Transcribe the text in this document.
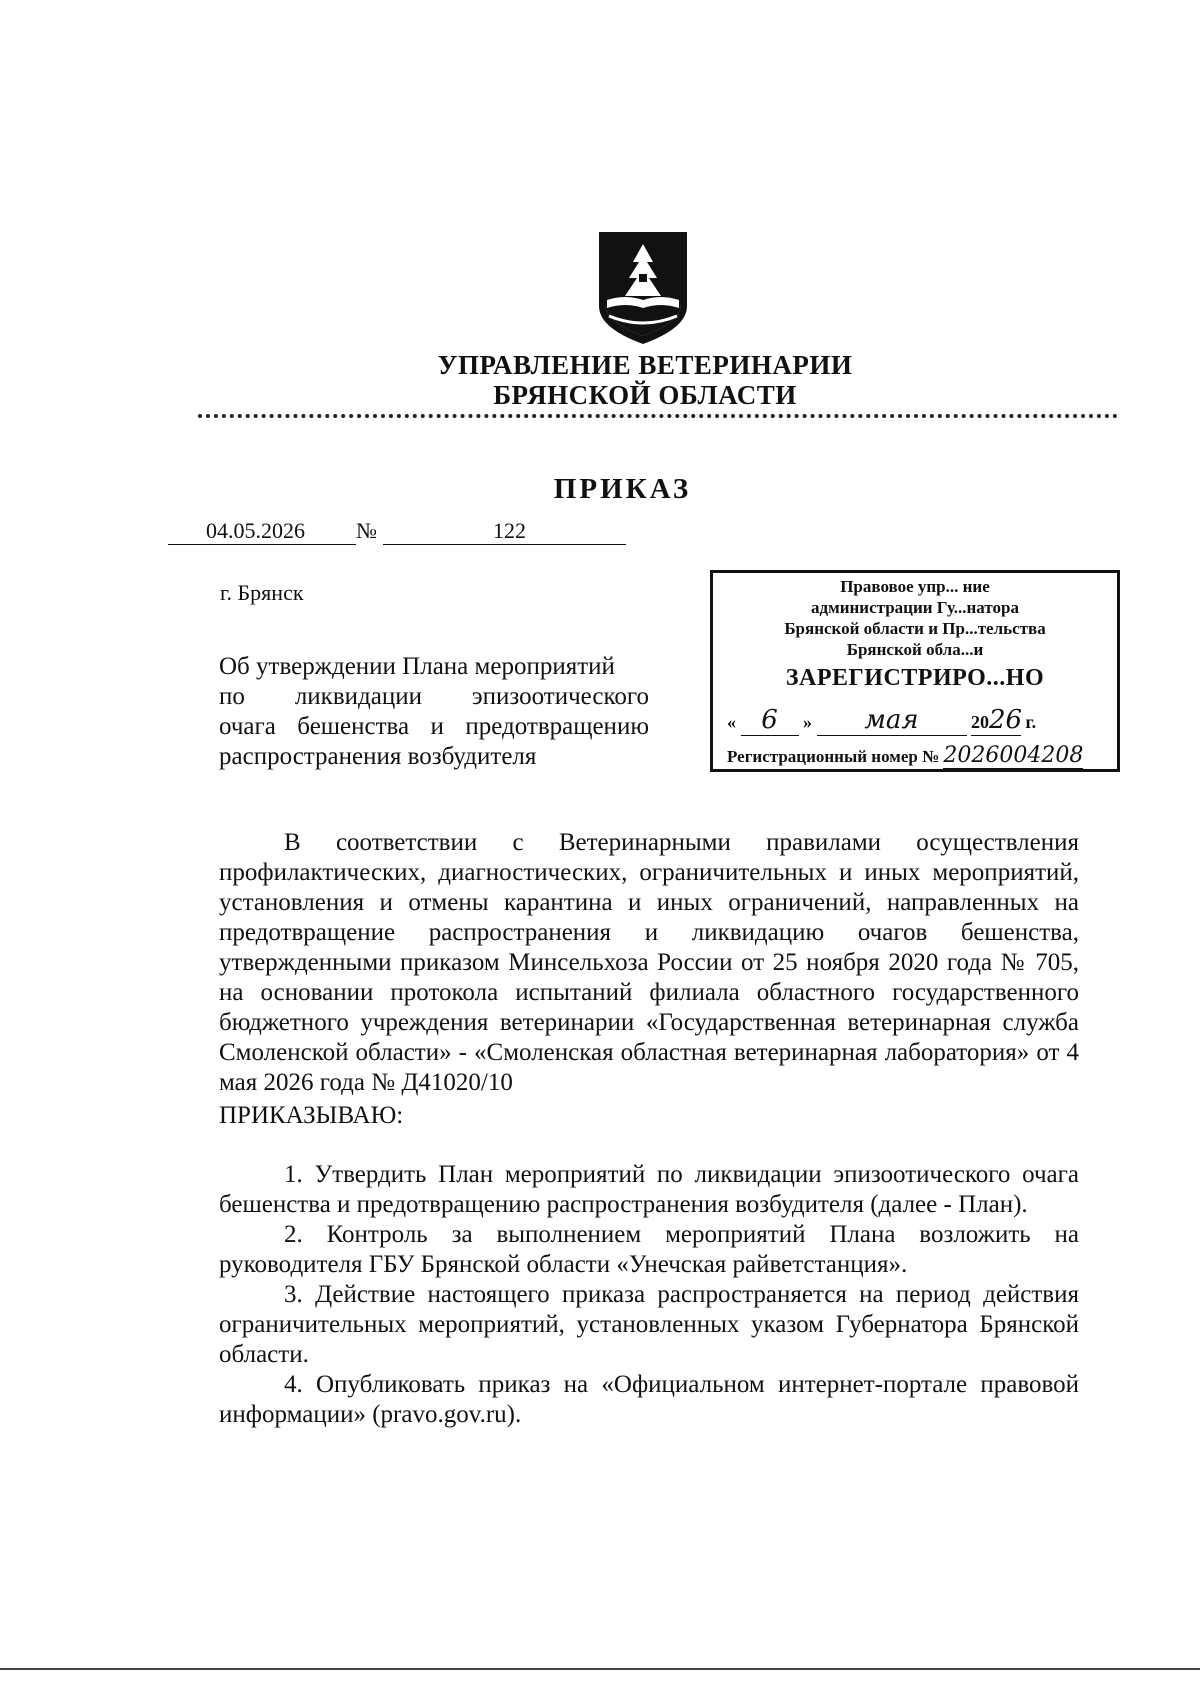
УПРАВЛЕНИЕ ВЕТЕРИНАРИИ
БРЯНСКОЙ ОБЛАСТИ
ПРИКАЗ
04.05.2026 №	122
г. Брянск
Об утверждении Плана мероприятий
по ликвидации эпизоотического
очага бешенства и предотвращению
распространения возбудителя
Правовое упр... ние
администрации Гу...натора
Брянской области и Пр...тельства
Брянской обла...и
ЗАРЕГИСТРИРО...НО
« 6 » мая	2026 г.
Регистрационный номер № 2026004208

В соответствии с Ветеринарными правилами осуществления профилактических, диагностических, ограничительных и иных мероприятий, установления и отмены карантина и иных ограничений, направленных на предотвращение распространения и ликвидацию очагов бешенства, утвержденными приказом Минсельхоза России от 25 ноября 2020 года № 705, на основании протокола испытаний филиала областного государственного бюджетного учреждения ветеринарии «Государственная ветеринарная служба Смоленской области» - «Смоленская областная ветеринарная лаборатория» от 4 мая 2026 года № Д41020/10

ПРИКАЗЫВАЮ:

1. Утвердить План мероприятий по ликвидации эпизоотического очага бешенства и предотвращению распространения возбудителя (далее - План).

2. Контроль за выполнением мероприятий Плана возложить на руководителя ГБУ Брянской области «Унечская райветстанция».

3. Действие настоящего приказа распространяется на период действия ограничительных мероприятий, установленных указом Губернатора Брянской области.

4. Опубликовать приказ на «Официальном интернет-портале правовой информации» (pravo.gov.ru).
